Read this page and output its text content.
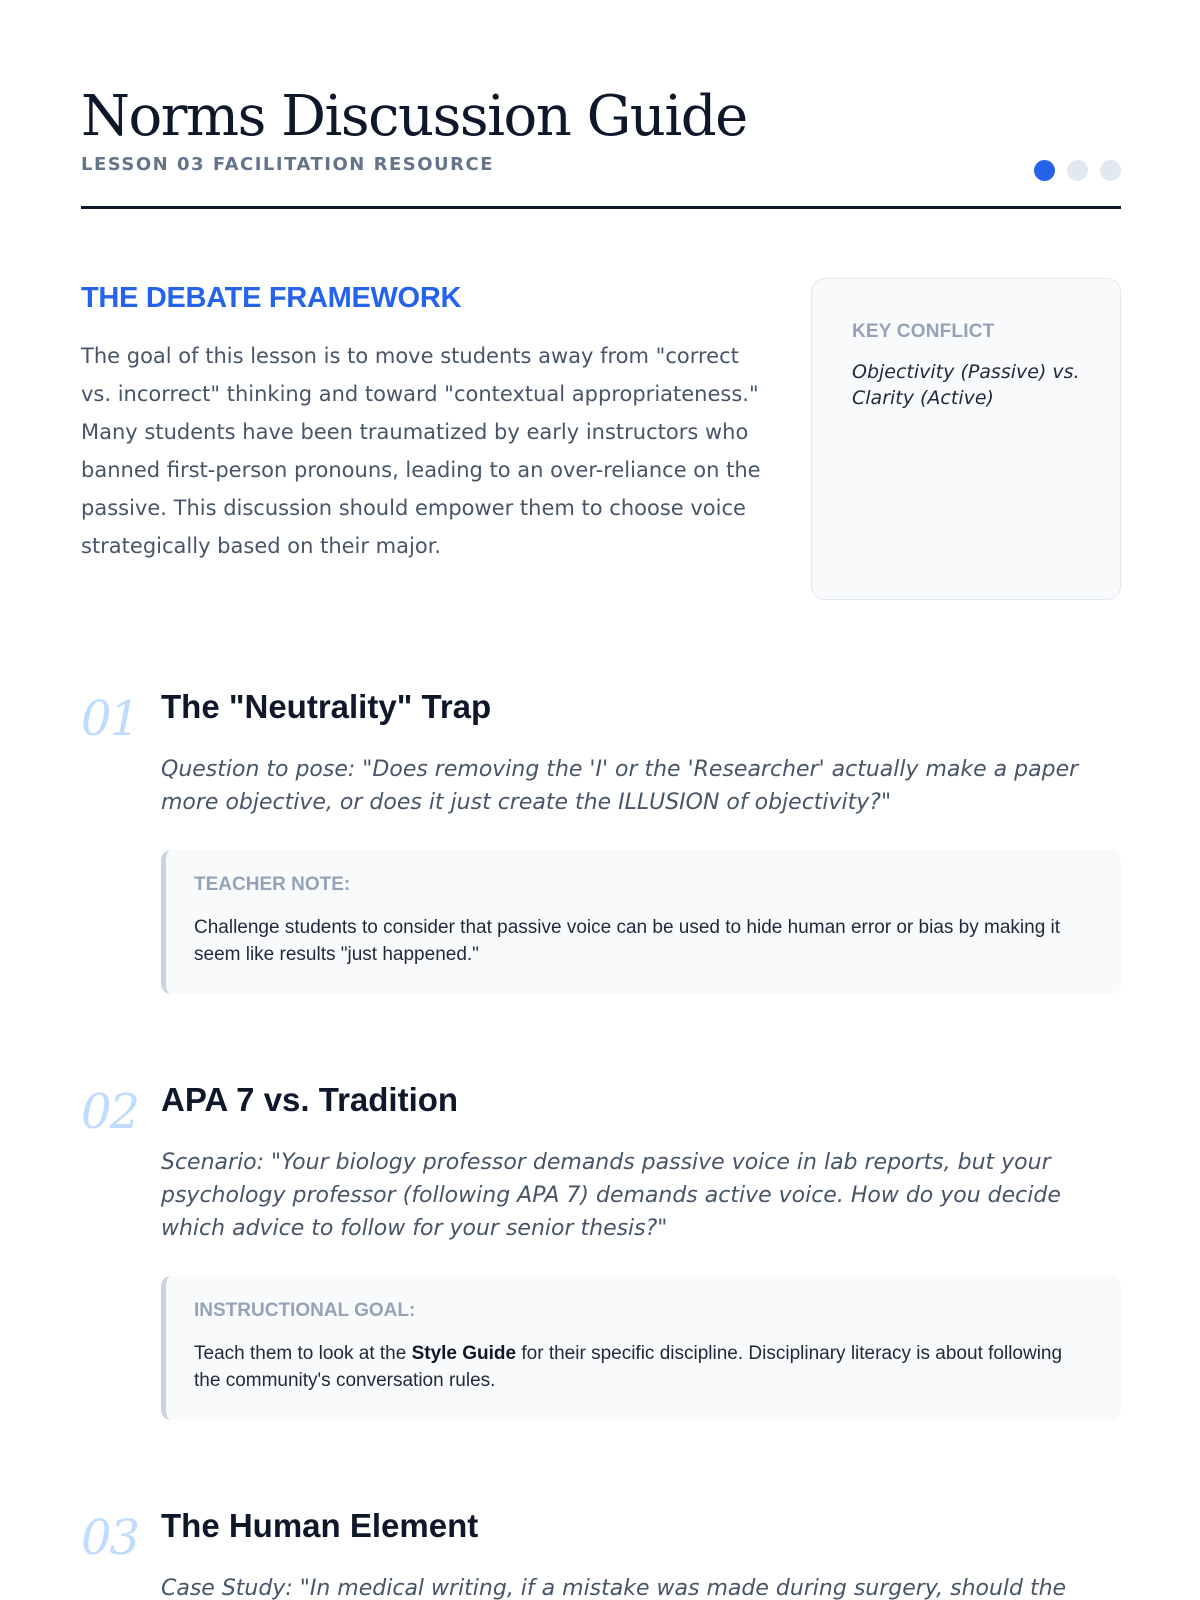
Norms Discussion Guide
LESSON 03 FACILITATION RESOURCE
THE DEBATE FRAMEWORK

The goal of this lesson is to move students away from "correct vs. incorrect" thinking and toward "contextual appropriateness." Many students have been traumatized by early instructors who banned first-person pronouns, leading to an over-reliance on the passive. This discussion should empower them to choose voice strategically based on their major.

KEY CONFLICT
Objectivity (Passive) vs. Clarity (Active)
01 The "Neutrality" Trap

Question to pose: "Does removing the 'I' or the 'Researcher' actually make a paper more objective, or does it just create the ILLUSION of objectivity?"

TEACHER NOTE:
Challenge students to consider that passive voice can be used to hide human error or bias by making it seem like results "just happened."
02 APA 7 vs. Tradition

Scenario: "Your biology professor demands passive voice in lab reports, but your psychology professor (following APA 7) demands active voice. How do you decide which advice to follow for your senior thesis?"

INSTRUCTIONAL GOAL:
Teach them to look at the Style Guide for their specific discipline. Disciplinary literacy is about following the community's conversation rules.
03 The Human Element

Case Study: "In medical writing, if a mistake was made during surgery, should the
